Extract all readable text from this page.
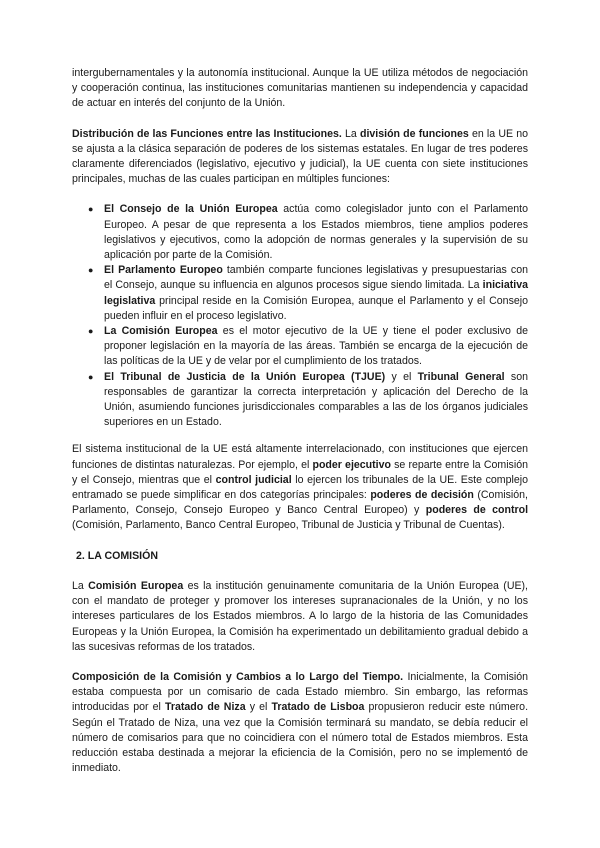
intergubernamentales y la autonomía institucional. Aunque la UE utiliza métodos de negociación y cooperación continua, las instituciones comunitarias mantienen su independencia y capacidad de actuar en interés del conjunto de la Unión.

Distribución de las Funciones entre las Instituciones. La división de funciones en la UE no se ajusta a la clásica separación de poderes de los sistemas estatales. En lugar de tres poderes claramente diferenciados (legislativo, ejecutivo y judicial), la UE cuenta con siete instituciones principales, muchas de las cuales participan en múltiples funciones:

● El Consejo de la Unión Europea actúa como colegislador junto con el Parlamento Europeo. A pesar de que representa a los Estados miembros, tiene amplios poderes legislativos y ejecutivos, como la adopción de normas generales y la supervisión de su aplicación por parte de la Comisión.
● El Parlamento Europeo también comparte funciones legislativas y presupuestarias con el Consejo, aunque su influencia en algunos procesos sigue siendo limitada. La iniciativa legislativa principal reside en la Comisión Europea, aunque el Parlamento y el Consejo pueden influir en el proceso legislativo.
● La Comisión Europea es el motor ejecutivo de la UE y tiene el poder exclusivo de proponer legislación en la mayoría de las áreas. También se encarga de la ejecución de las políticas de la UE y de velar por el cumplimiento de los tratados.
● El Tribunal de Justicia de la Unión Europea (TJUE) y el Tribunal General son responsables de garantizar la correcta interpretación y aplicación del Derecho de la Unión, asumiendo funciones jurisdiccionales comparables a las de los órganos judiciales superiores en un Estado.

El sistema institucional de la UE está altamente interrelacionado, con instituciones que ejercen funciones de distintas naturalezas. Por ejemplo, el poder ejecutivo se reparte entre la Comisión y el Consejo, mientras que el control judicial lo ejercen los tribunales de la UE. Este complejo entramado se puede simplificar en dos categorías principales: poderes de decisión (Comisión, Parlamento, Consejo, Consejo Europeo y Banco Central Europeo) y poderes de control (Comisión, Parlamento, Banco Central Europeo, Tribunal de Justicia y Tribunal de Cuentas).

2. LA COMISIÓN

La Comisión Europea es la institución genuinamente comunitaria de la Unión Europea (UE), con el mandato de proteger y promover los intereses supranacionales de la Unión, y no los intereses particulares de los Estados miembros. A lo largo de la historia de las Comunidades Europeas y la Unión Europea, la Comisión ha experimentado un debilitamiento gradual debido a las sucesivas reformas de los tratados.

Composición de la Comisión y Cambios a lo Largo del Tiempo. Inicialmente, la Comisión estaba compuesta por un comisario de cada Estado miembro. Sin embargo, las reformas introducidas por el Tratado de Niza y el Tratado de Lisboa propusieron reducir este número. Según el Tratado de Niza, una vez que la Comisión terminará su mandato, se debía reducir el número de comisarios para que no coincidiera con el número total de Estados miembros. Esta reducción estaba destinada a mejorar la eficiencia de la Comisión, pero no se implementó de inmediato.
